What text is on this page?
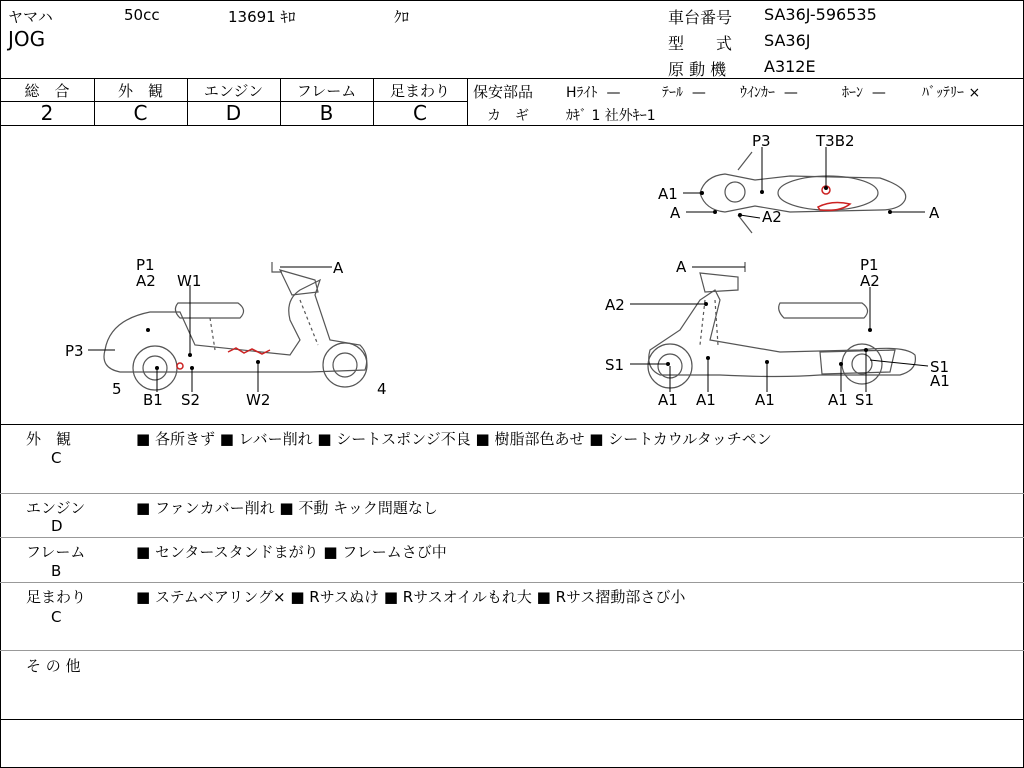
ヤマハ	50cc	13691 ｷﾛ	ｸﾛ
JOG
車台番号 SA36J-596535
型　　式 SA36J
原 動 機 A312E
総　合	外　観	エンジン	フレーム	足まわり
2	C	D	B	C
保安部品 Hﾗｲﾄ —	ﾃｰﾙ — ｳｲﾝｶｰ —	ﾎｰﾝ —	ﾊﾞｯﾃﾘｰ ×
カ　ギ	ｶｷﾞ 1 社外ｷｰ1
P1
A2 W1
A
P3
5
B1 S2	W2
4
P3	T3B2
A1
A	A2	A
A	P1
A2
A2
S1	S1
A1
A1 A1	A1	A1 S1
外　観
C
■ 各所きず ■ レバー削れ ■ シートスポンジ不良 ■ 樹脂部色あせ ■ シートカウルタッチペン
エンジン
D
■ ファンカバー削れ ■ 不動 キック問題なし
フレーム
B
■ センタースタンドまがり ■ フレームさび中
足まわり
C
■ ステムベアリング× ■ Rサスぬけ ■ Rサスオイルもれ大 ■ Rサス摺動部さび小
そ の 他
